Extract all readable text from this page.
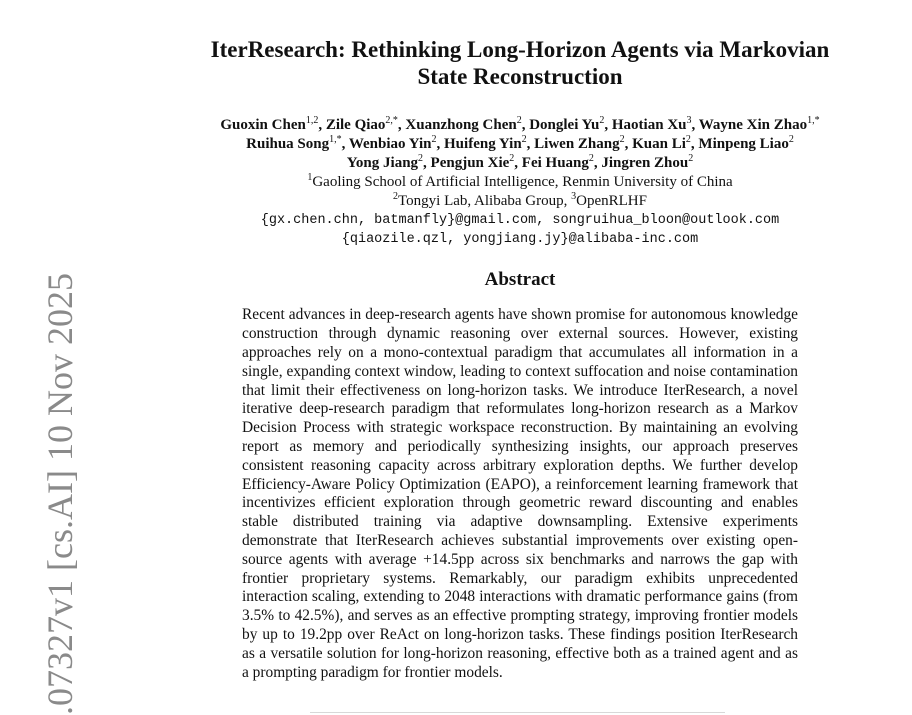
.07327v1 [cs.AI] 10 Nov 2025
IterResearch: Rethinking Long-Horizon Agents via Markovian
State Reconstruction
Guoxin Chen$^{1,2}$, Zile Qiao$^{2,*}$, Xuanzhong Chen$^2$, Donglei Yu$^2$, Haotian Xu$^3$, Wayne Xin Zhao$^{1,*}$
Ruihua Song$^{1,*}$, Wenbiao Yin$^2$, Huifeng Yin$^2$, Liwen Zhang$^2$, Kuan Li$^2$, Minpeng Liao$^2$
Yong Jiang$^2$, Pengjun Xie$^2$, Fei Huang$^2$, Jingren Zhou$^2$
$^1$Gaoling School of Artificial Intelligence, Renmin University of China
$^2$Tongyi Lab, Alibaba Group, $^3$OpenRLHF
{gx.chen.chn, batmanfly}@gmail.com, songruihua_bloon@outlook.com
{qiaozile.qzl, yongjiang.jy}@alibaba-inc.com
Abstract

Recent advances in deep-research agents have shown promise for autonomous knowledge construction through dynamic reasoning over external sources. However, existing approaches rely on a mono-contextual paradigm that accumulates all information in a single, expanding context window, leading to context suffocation and noise contamination that limit their effectiveness on long-horizon tasks. We introduce IterResearch, a novel iterative deep-research paradigm that reformulates long-horizon research as a Markov Decision Process with strategic workspace reconstruction. By maintaining an evolving report as memory and periodically synthesizing insights, our approach preserves consistent reasoning capacity across arbitrary exploration depths. We further develop Efficiency-Aware Policy Optimization (EAPO), a reinforcement learning framework that incentivizes efficient exploration through geometric reward discounting and enables stable distributed training via adaptive downsampling. Extensive experiments demonstrate that IterResearch achieves substantial improvements over existing open-source agents with average +14.5pp across six benchmarks and narrows the gap with frontier proprietary systems. Remarkably, our paradigm exhibits unprecedented interaction scaling, extending to 2048 interactions with dramatic performance gains (from 3.5% to 42.5%), and serves as an effective prompting strategy, improving frontier models by up to 19.2pp over ReAct on long-horizon tasks. These findings position IterResearch as a versatile solution for long-horizon reasoning, effective both as a trained agent and as a prompting paradigm for frontier models.
